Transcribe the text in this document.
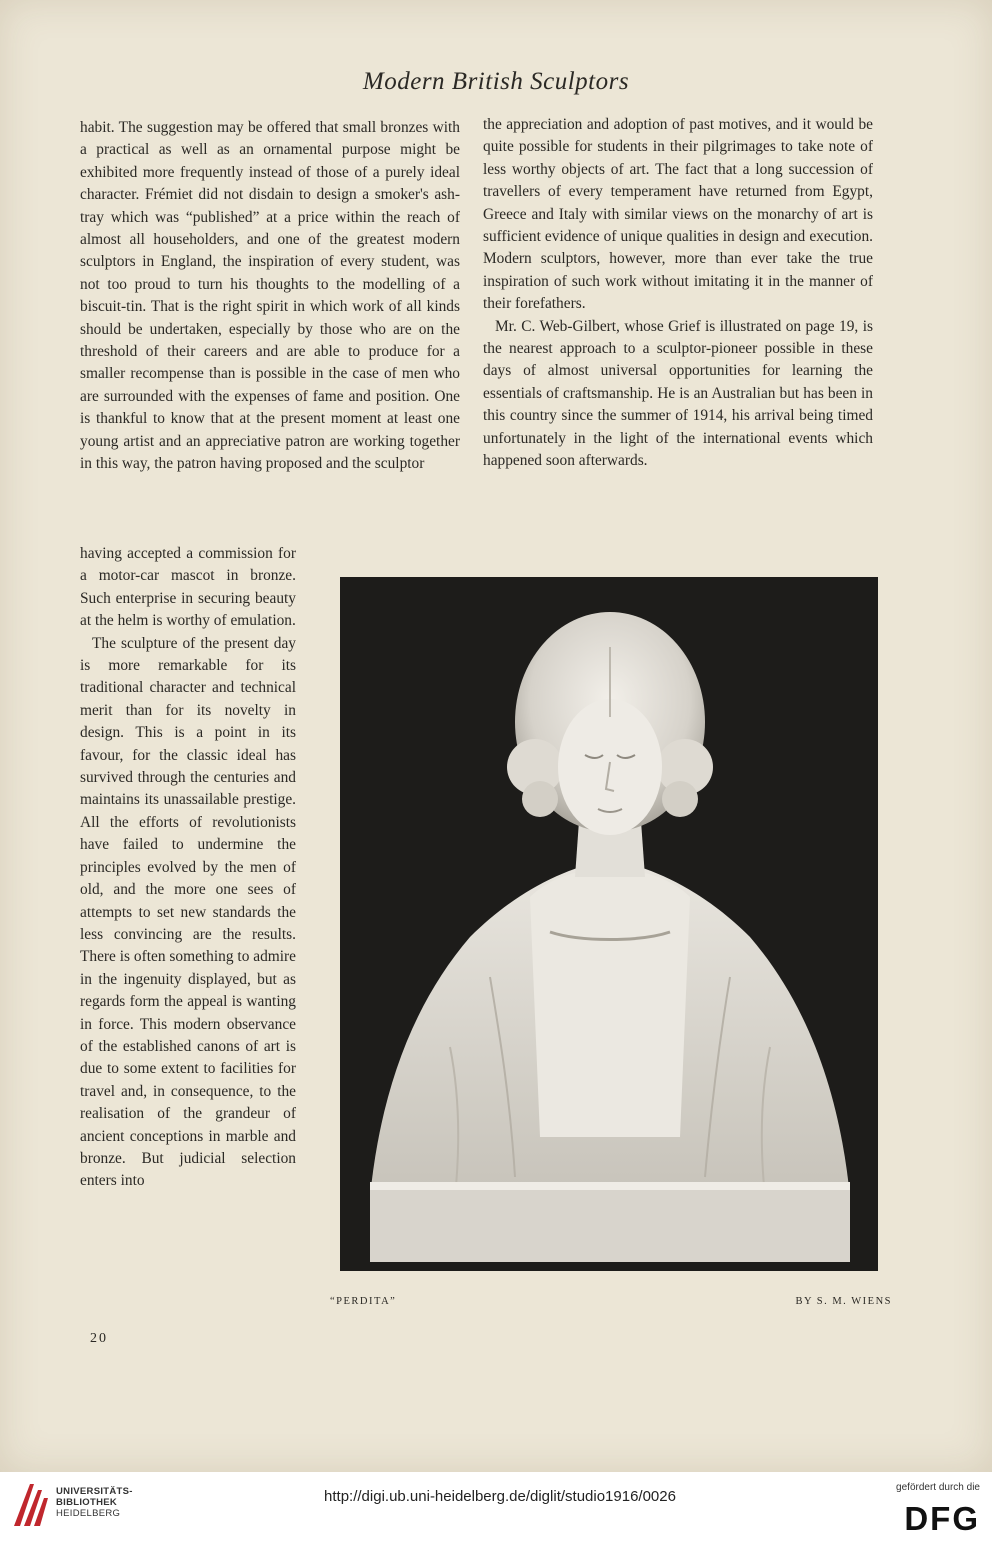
Modern British Sculptors

habit. The suggestion may be offered that small bronzes with a practical as well as an ornamental purpose might be exhibited more frequently instead of those of a purely ideal character. Frémiet did not disdain to design a smoker's ash-tray which was “published” at a price within the reach of almost all householders, and one of the greatest modern sculptors in England, the inspiration of every student, was not too proud to turn his thoughts to the modelling of a biscuit-tin. That is the right spirit in which work of all kinds should be undertaken, especially by those who are on the threshold of their careers and are able to produce for a smaller recompense than is possible in the case of men who are surrounded with the expenses of fame and position. One is thankful to know that at the present moment at least one young artist and an appreciative patron are working together in this way, the patron having proposed and the sculptor

having accepted a commission for a motor-car mascot in bronze. Such enterprise in securing beauty at the helm is worthy of emulation.

The sculpture of the present day is more remarkable for its traditional character and technical merit than for its novelty in design. This is a point in its favour, for the classic ideal has survived through the centuries and maintains its unassailable prestige. All the efforts of revolutionists have failed to undermine the principles evolved by the men of old, and the more one sees of attempts to set new standards the less convincing are the results. There is often something to admire in the ingenuity displayed, but as regards form the appeal is wanting in force. This modern observance of the established canons of art is due to some extent to facilities for travel and, in consequence, to the realisation of the grandeur of ancient conceptions in marble and bronze. But judicial selection enters into

the appreciation and adoption of past motives, and it would be quite possible for students in their pilgrimages to take note of less worthy objects of art. The fact that a long succession of travellers of every temperament have returned from Egypt, Greece and Italy with similar views on the monarchy of art is sufficient evidence of unique qualities in design and execution. Modern sculptors, however, more than ever take the true inspiration of such work without imitating it in the manner of their forefathers.

Mr. C. Web-Gilbert, whose Grief is illustrated on page 19, is the nearest approach to a sculptor-pioneer possible in these days of almost universal opportunities for learning the essentials of craftsmanship. He is an Australian but has been in this country since the summer of 1914, his arrival being timed unfortunately in the light of the international events which happened soon afterwards.

“PERDITA”	BY S. M. WIENS
20
UNIVERSITÄTS-
BIBLIOTHEK
HEIDELBERG
http://digi.ub.uni-heidelberg.de/diglit/studio1916/0026
gefördert durch die
DFG
